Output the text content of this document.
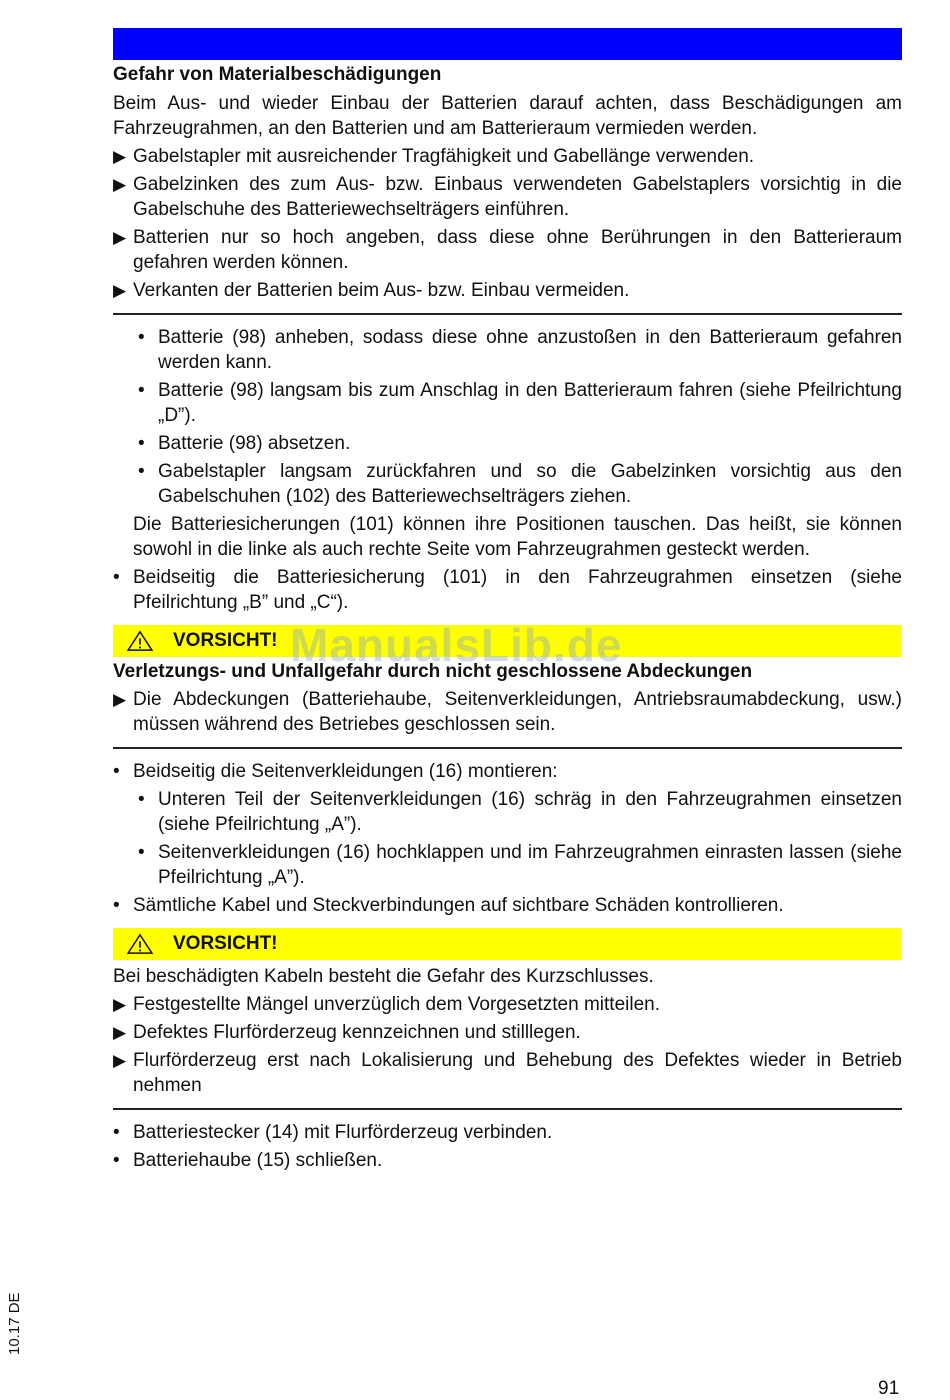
Gefahr von Materialbeschädigungen
Beim Aus- und wieder Einbau der Batterien darauf achten, dass Beschädigungen am Fahrzeugrahmen, an den Batterien und am Batterieraum vermieden werden.
▶ Gabelstapler mit ausreichender Tragfähigkeit und Gabellänge verwenden.
▶ Gabelzinken des zum Aus- bzw. Einbaus verwendeten Gabelstaplers vorsichtig in die Gabelschuhe des Batteriewechselträgers einführen.
▶ Batterien nur so hoch angeben, dass diese ohne Berührungen in den Batterieraum gefahren werden können.
▶ Verkanten der Batterien beim Aus- bzw. Einbau vermeiden.
• Batterie (98) anheben, sodass diese ohne anzustoßen in den Batterieraum gefahren werden kann.
• Batterie (98) langsam bis zum Anschlag in den Batterieraum fahren (siehe Pfeilrichtung „D”).
• Batterie (98) absetzen.
• Gabelstapler langsam zurückfahren und so die Gabelzinken vorsichtig aus den Gabelschuhen (102) des Batteriewechselträgers ziehen.
Die Batteriesicherungen (101) können ihre Positionen tauschen. Das heißt, sie können sowohl in die linke als auch rechte Seite vom Fahrzeugrahmen gesteckt werden.
• Beidseitig die Batteriesicherung (101) in den Fahrzeugrahmen einsetzen (siehe Pfeilrichtung „B” und „C“).
VORSICHT!
Verletzungs- und Unfallgefahr durch nicht geschlossene Abdeckungen
▶ Die Abdeckungen (Batteriehaube, Seitenverkleidungen, Antriebsraumabdeckung, usw.) müssen während des Betriebes geschlossen sein.
• Beidseitig die Seitenverkleidungen (16) montieren:
• Unteren Teil der Seitenverkleidungen (16) schräg in den Fahrzeugrahmen einsetzen (siehe Pfeilrichtung „A”).
• Seitenverkleidungen (16) hochklappen und im Fahrzeugrahmen einrasten lassen (siehe Pfeilrichtung „A”).
• Sämtliche Kabel und Steckverbindungen auf sichtbare Schäden kontrollieren.
VORSICHT!
Bei beschädigten Kabeln besteht die Gefahr des Kurzschlusses.
▶ Festgestellte Mängel unverzüglich dem Vorgesetzten mitteilen.
▶ Defektes Flurförderzeug kennzeichnen und stilllegen.
▶ Flurförderzeug erst nach Lokalisierung und Behebung des Defektes wieder in Betrieb nehmen
• Batteriestecker (14) mit Flurförderzeug verbinden.
• Batteriehaube (15) schließen.
ManualsLib.de
10.17 DE
91
